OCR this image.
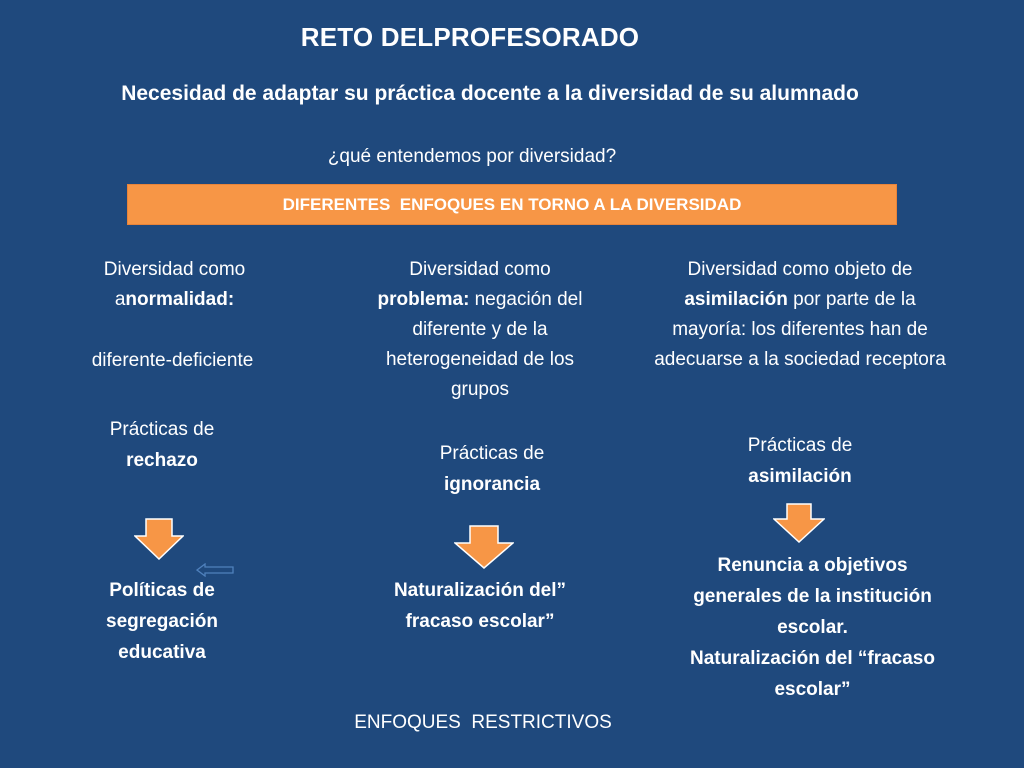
RETO DELPROFESORADO
Necesidad de adaptar su práctica docente a la diversidad de su alumnado
¿qué entendemos por diversidad?
DIFERENTES  ENFOQUES EN TORNO A LA DIVERSIDAD
Diversidad como anormalidad:
diferente-deficiente
Prácticas de
rechazo
Políticas de segregación educativa
Diversidad como
problema: negación del diferente y de la heterogeneidad de los grupos
Prácticas de
ignorancia
Naturalización del” fracaso escolar”
Diversidad como objeto de
asimilación por parte de la mayoría: los diferentes han de adecuarse a la sociedad receptora
Prácticas de
asimilación
Renuncia a objetivos generales de la institución escolar.
Naturalización del “fracaso escolar”
ENFOQUES  RESTRICTIVOS
